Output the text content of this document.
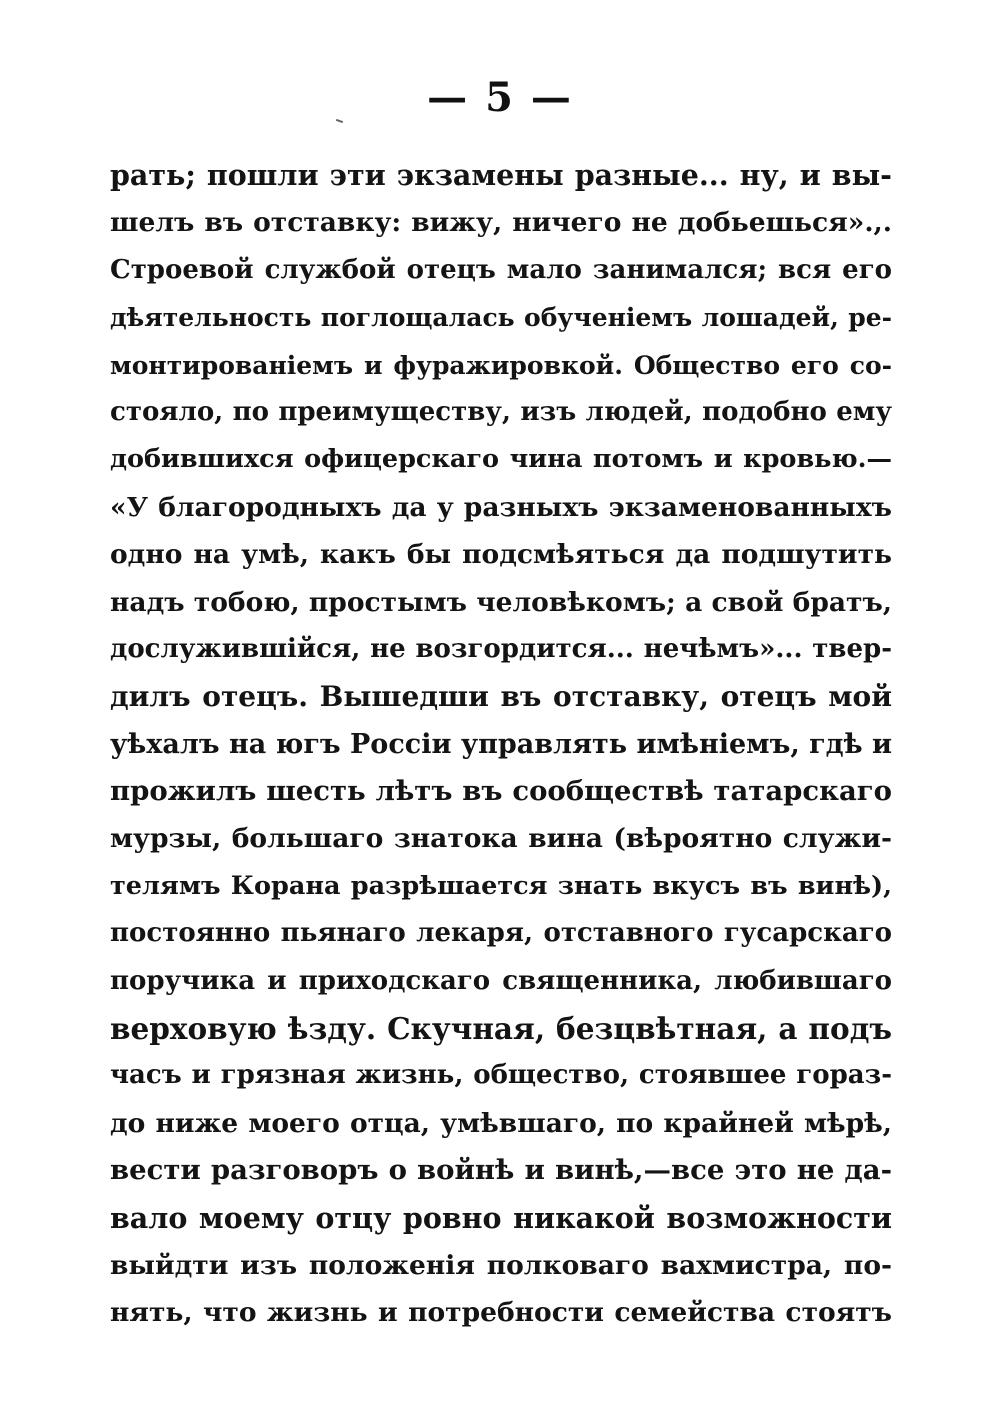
— 5 —
рать; пошли эти экзамены разные... ну, и вы-
шелъ въ отставку: вижу, ничего не добьешься».,.
Строевой службой отецъ мало занимался; вся его
дѣятельность поглощалась обученіемъ лошадей, ре-
монтированіемъ и фуражировкой. Общество его со-
стояло, по преимуществу, изъ людей, подобно ему
добившихся офицерскаго чина потомъ и кровью.—
«У благородныхъ да у разныхъ экзаменованныхъ
одно на умѣ, какъ бы подсмѣяться да подшутить
надъ тобою, простымъ человѣкомъ; а свой братъ,
дослужившійся, не возгордится... нечѣмъ»... твер-
дилъ отецъ. Вышедши въ отставку, отецъ мой
уѣхалъ на югъ Россіи управлять имѣніемъ, гдѣ и
прожилъ шесть лѣтъ въ сообществѣ татарскаго
мурзы, большаго знатока вина (вѣроятно служи-
телямъ Корана разрѣшается знать вкусъ въ винѣ),
постоянно пьянаго лекаря, отставного гусарскаго
поручика и приходскаго священника, любившаго
верховую ѣзду. Скучная, безцвѣтная, а подъ
часъ и грязная жизнь, общество, стоявшее гораз-
до ниже моего отца, умѣвшаго, по крайней мѣрѣ,
вести разговоръ о войнѣ и винѣ,—все это не да-
вало моему отцу ровно никакой возможности
выйдти изъ положенія полковаго вахмистра, по-
нять, что жизнь и потребности семейства стоятъ
